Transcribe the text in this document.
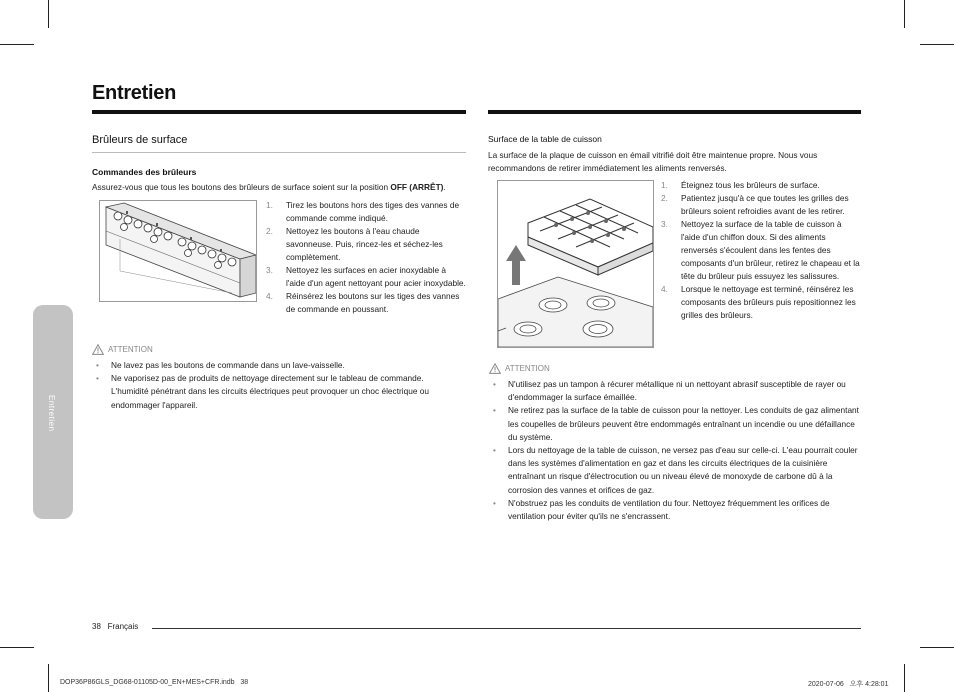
Entretien
Entretien
Brûleurs de surface
Commandes des brûleurs
Assurez-vous que tous les boutons des brûleurs de surface soient sur la position OFF (ARRÊT).
1. Tirez les boutons hors des tiges des vannes de commande comme indiqué.
2. Nettoyez les boutons à l'eau chaude savonneuse. Puis, rincez-les et séchez-les complètement.
3. Nettoyez les surfaces en acier inoxydable à l'aide d'un agent nettoyant pour acier inoxydable.
4. Réinsérez les boutons sur les tiges des vannes de commande en poussant.
ATTENTION
• Ne lavez pas les boutons de commande dans un lave-vaisselle.
• Ne vaporisez pas de produits de nettoyage directement sur le tableau de commande. L'humidité pénétrant dans les circuits électriques peut provoquer un choc électrique ou endommager l'appareil.
Surface de la table de cuisson
La surface de la plaque de cuisson en émail vitrifié doit être maintenue propre. Nous vous recommandons de retirer immédiatement les aliments renversés.
1. Éteignez tous les brûleurs de surface.
2. Patientez jusqu'à ce que toutes les grilles des brûleurs soient refroidies avant de les retirer.
3. Nettoyez la surface de la table de cuisson à l'aide d'un chiffon doux. Si des aliments renversés s'écoulent dans les fentes des composants d'un brûleur, retirez le chapeau et la tête du brûleur puis essuyez les salissures.
4. Lorsque le nettoyage est terminé, réinsérez les composants des brûleurs puis repositionnez les grilles des brûleurs.
ATTENTION
• N'utilisez pas un tampon à récurer métallique ni un nettoyant abrasif susceptible de rayer ou d'endommager la surface émaillée.
• Ne retirez pas la surface de la table de cuisson pour la nettoyer. Les conduits de gaz alimentant les coupelles de brûleurs peuvent être endommagés entraînant un incendie ou une défaillance du système.
• Lors du nettoyage de la table de cuisson, ne versez pas d'eau sur celle-ci. L'eau pourrait couler dans les systèmes d'alimentation en gaz et dans les circuits électriques de la cuisinière entraînant un risque d'électrocution ou un niveau élevé de monoxyde de carbone dû à la corrosion des vannes et orifices de gaz.
• N'obstruez pas les conduits de ventilation du four. Nettoyez fréquemment les orifices de ventilation pour éviter qu'ils ne s'encrassent.
38 Français
DOP36P86GLS_DG68-01105D-00_EN+MES+CFR.indb   38	2020-07-06   오후 4:28:01
